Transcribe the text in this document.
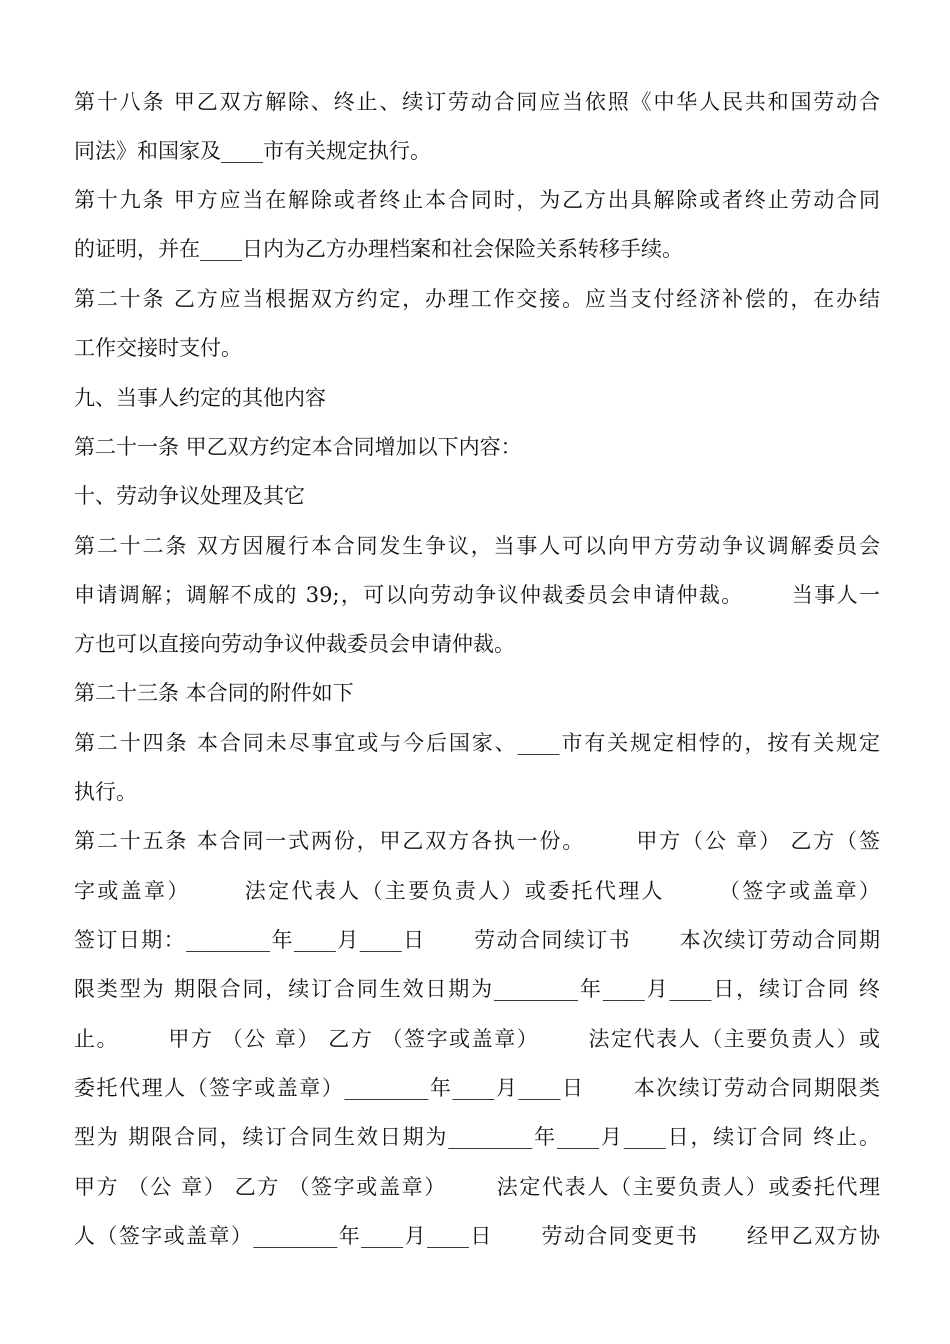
第十八条 甲乙双方解除、终止、续订劳动合同应当依照《中华人民共和国劳动合
同法》和国家及____市有关规定执行。
第十九条 甲方应当在解除或者终止本合同时，为乙方出具解除或者终止劳动合同
的证明，并在____日内为乙方办理档案和社会保险关系转移手续。
第二十条 乙方应当根据双方约定，办理工作交接。应当支付经济补偿的，在办结
工作交接时支付。
九、当事人约定的其他内容
第二十一条 甲乙双方约定本合同增加以下内容：
十、劳动争议处理及其它
第二十二条 双方因履行本合同发生争议，当事人可以向甲方劳动争议调解委员会
申请调解；调解不成的 39;，可以向劳动争议仲裁委员会申请仲裁。      当事人一
方也可以直接向劳动争议仲裁委员会申请仲裁。
第二十三条 本合同的附件如下
第二十四条 本合同未尽事宜或与今后国家、____市有关规定相悖的，按有关规定
执行。
第二十五条 本合同一式两份，甲乙双方各执一份。      甲方（公 章） 乙方（签
字或盖章）      法定代表人（主要负责人）或委托代理人      （签字或盖章）
签订日期：________年____月____日      劳动合同续订书      本次续订劳动合同期
限类型为 期限合同，续订合同生效日期为________年____月____日，续订合同 终
止。      甲方 （公 章） 乙方 （签字或盖章）      法定代表人（主要负责人）或
委托代理人（签字或盖章）________年____月____日      本次续订劳动合同期限类
型为 期限合同，续订合同生效日期为________年____月____日，续订合同 终止。
甲方 （公 章） 乙方 （签字或盖章）      法定代表人（主要负责人）或委托代理
人（签字或盖章）________年____月____日      劳动合同变更书      经甲乙双方协
